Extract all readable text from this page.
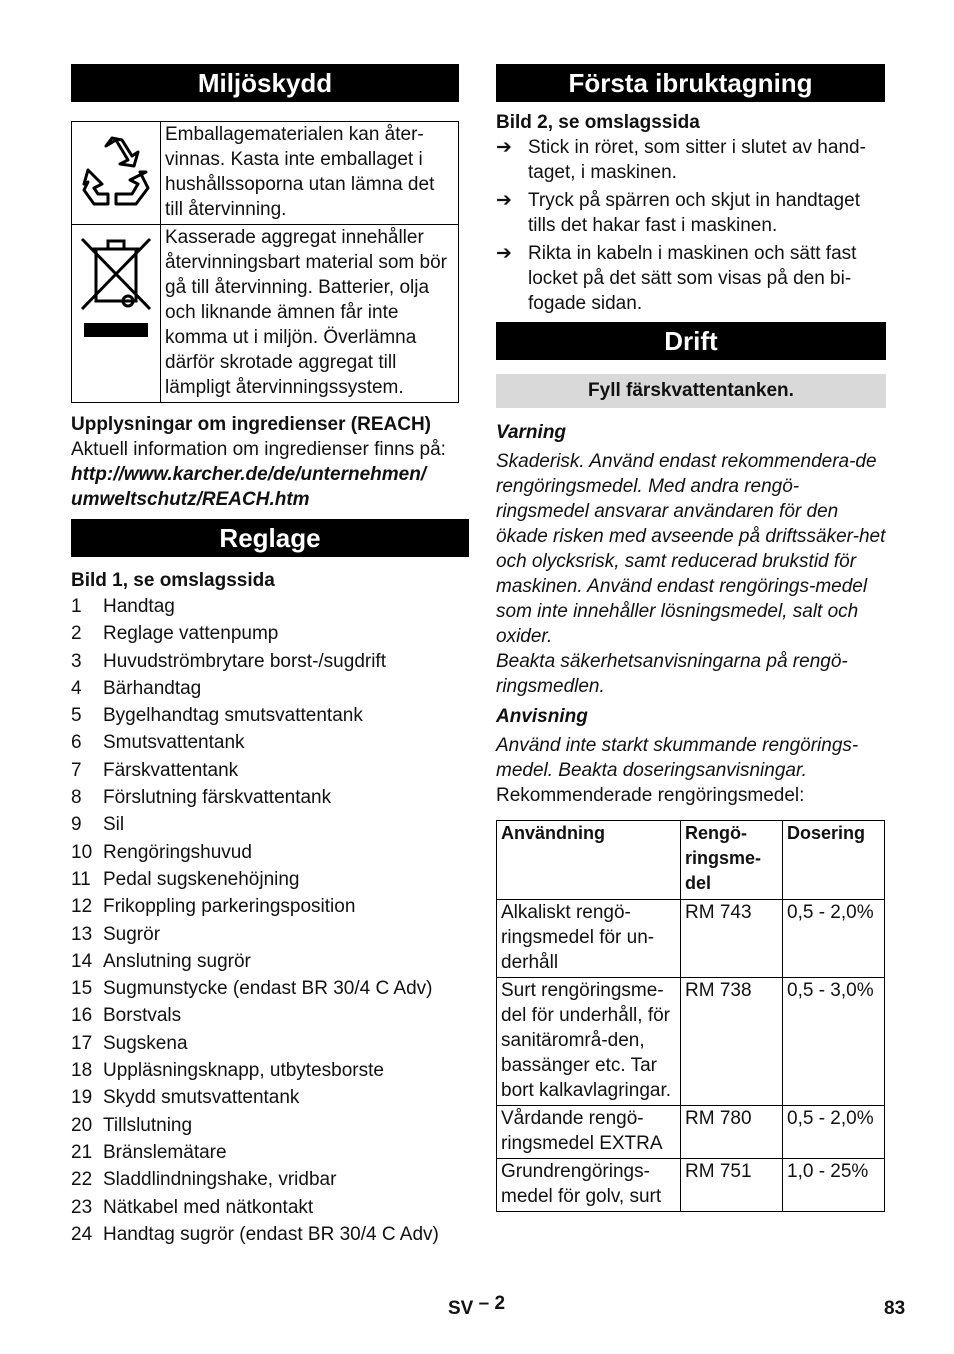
Miljöskydd
	Emballagematerialen kan åter-vinnas. Kasta inte emballaget i hushållssoporna utan lämna det till återvinning.
	Kasserade aggregat innehåller återvinningsbart material som bör gå till återvinning. Batterier, olja och liknande ämnen får inte komma ut i miljön. Överlämna därför skrotade aggregat till lämpligt återvinningssystem.

Upplysningar om ingredienser (REACH)

Aktuell information om ingredienser finns på:

http://www.karcher.de/de/unternehmen/

umweltschutz/REACH.htm

Reglage

Bild 1, se omslagssida

1	Handtag
2	Reglage vattenpump
3	Huvudströmbrytare borst-/sugdrift
4	Bärhandtag
5	Bygelhandtag smutsvattentank
6	Smutsvattentank
7	Färskvattentank
8	Förslutning färskvattentank
9	Sil
10 Rengöringshuvud
11 Pedal sugskenehöjning
12 Frikoppling parkeringsposition
13 Sugrör
14 Anslutning sugrör
15 Sugmunstycke (endast BR 30/4 C Adv)
16 Borstvals
17 Sugskena
18 Uppläsningsknapp, utbytesborste
19 Skydd smutsvattentank
20 Tillslutning
21 Bränslemätare
22 Sladdlindningshake, vridbar
23 Nätkabel med nätkontakt
24 Handtag sugrör (endast BR 30/4 C Adv)
Första ibruktagning

Bild 2, se omslagssida

➔ Stick in röret, som sitter i slutet av hand-taget, i maskinen.
➔ Tryck på spärren och skjut in handtaget tills det hakar fast i maskinen.
➔ Rikta in kabeln i maskinen och sätt fast locket på det sätt som visas på den bi-fogade sidan.
Drift
Fyll färskvattentanken.

Varning

Skaderisk. Använd endast rekommendera-de rengöringsmedel. Med andra rengö-ringsmedel ansvarar användaren för den ökade risken med avseende på driftssäker-het och olycksrisk, samt reducerad brukstid för maskinen. Använd endast rengörings-medel som inte innehåller lösningsmedel, salt och oxider.

Beakta säkerhetsanvisningarna på rengö-ringsmedlen.

Anvisning

Använd inte starkt skummande rengörings-medel. Beakta doseringsanvisningar.

Rekommenderade rengöringsmedel:

Användning	Rengö-ringsme-del	Dosering
Alkaliskt rengö-ringsmedel för un-derhåll	RM 743	0,5 - 2,0%
Surt rengöringsme-del för underhåll, för sanitärområ-den, bassänger etc. Tar bort kalkavlagringar.	RM 738	0,5 - 3,0%
Vårdande rengö-ringsmedel EXTRA	RM 780	0,5 - 2,0%
Grundrengörings-medel för golv, surt	RM 751	1,0 - 25%
SV – 2	83
